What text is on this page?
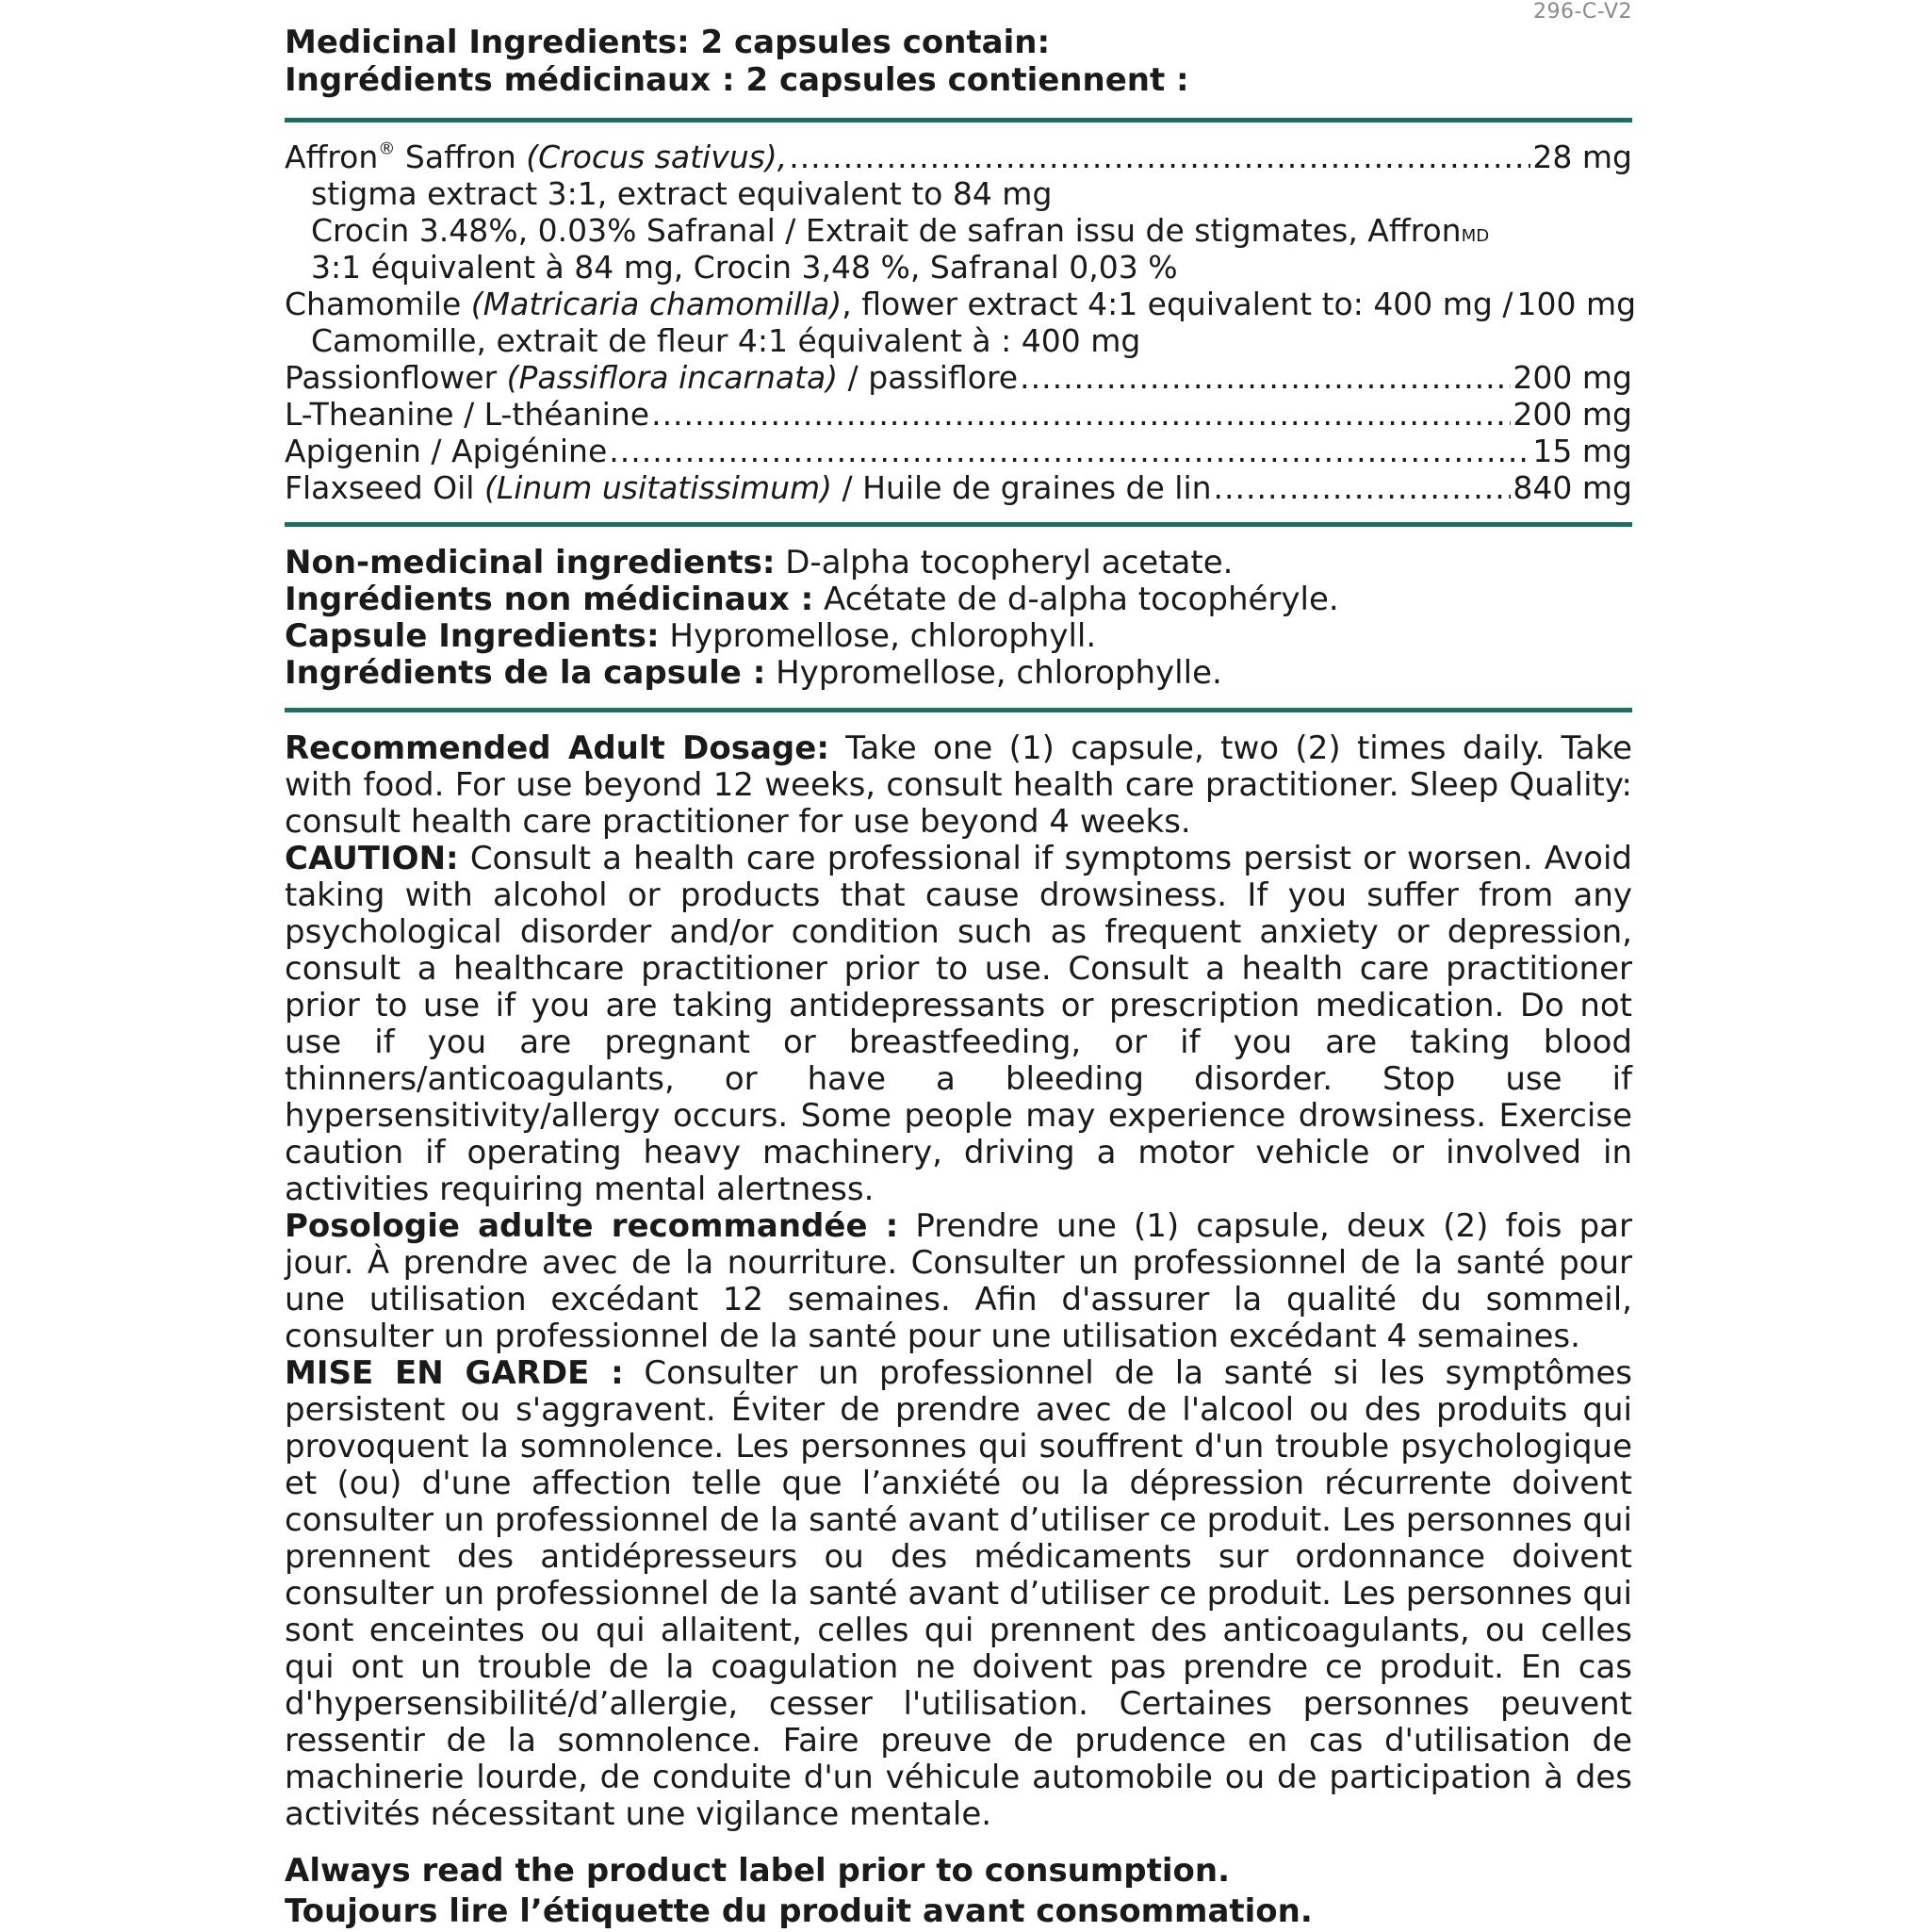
296-C-V2
Medicinal Ingredients: 2 capsules contain:
Ingrédients médicinaux : 2 capsules contiennent :
Affron® Saffron (Crocus sativus), .....	28 mg
stigma extract 3:1, extract equivalent to 84 mg
Crocin 3.48%, 0.03% Safranal / Extrait de safran issu de stigmates, Affron MD
3:1 équivalent à 84 mg, Crocin 3,48 %, Safranal 0,03 %
Chamomile (Matricaria chamomilla), flower extract 4:1 equivalent to: 400 mg / 100 mg
Camomille, extrait de fleur 4:1 équivalent à : 400 mg
Passionflower (Passiflora incarnata) / passiflore .....	200 mg
L-Theanine / L-théanine .....	200 mg
Apigenin / Apigénine .....	15 mg
Flaxseed Oil (Linum usitatissimum) / Huile de graines de lin .....	840 mg
Non-medicinal ingredients: D-alpha tocopheryl acetate.
Ingrédients non médicinaux : Acétate de d-alpha tocophéryle.
Capsule Ingredients: Hypromellose, chlorophyll.
Ingrédients de la capsule : Hypromellose, chlorophylle.

Recommended Adult Dosage: Take one (1) capsule, two (2) times daily. Take with food. For use beyond 12 weeks, consult health care practitioner. Sleep Quality: consult health care practitioner for use beyond 4 weeks.

CAUTION: Consult a health care professional if symptoms persist or worsen. Avoid taking with alcohol or products that cause drowsiness. If you suffer from any psychological disorder and/or condition such as frequent anxiety or depression, consult a healthcare practitioner prior to use. Consult a health care practitioner prior to use if you are taking antidepressants or prescription medication. Do not use if you are pregnant or breastfeeding, or if you are taking blood thinners/anticoagulants, or have a bleeding disorder. Stop use if hypersensitivity/allergy occurs. Some people may experience drowsiness. Exercise caution if operating heavy machinery, driving a motor vehicle or involved in activities requiring mental alertness.

Posologie adulte recommandée : Prendre une (1) capsule, deux (2) fois par jour. À prendre avec de la nourriture. Consulter un professionnel de la santé pour une utilisation excédant 12 semaines. Afin d'assurer la qualité du sommeil, consulter un professionnel de la santé pour une utilisation excédant 4 semaines.

MISE EN GARDE : Consulter un professionnel de la santé si les symptômes persistent ou s'aggravent. Éviter de prendre avec de l'alcool ou des produits qui provoquent la somnolence. Les personnes qui souffrent d'un trouble psychologique et (ou) d'une affection telle que l’anxiété ou la dépression récurrente doivent consulter un professionnel de la santé avant d’utiliser ce produit. Les personnes qui prennent des antidépresseurs ou des médicaments sur ordonnance doivent consulter un professionnel de la santé avant d’utiliser ce produit. Les personnes qui sont enceintes ou qui allaitent, celles qui prennent des anticoagulants, ou celles qui ont un trouble de la coagulation ne doivent pas prendre ce produit. En cas d'hypersensibilité/d’allergie, cesser l'utilisation. Certaines personnes peuvent ressentir de la somnolence. Faire preuve de prudence en cas d'utilisation de machinerie lourde, de conduite d'un véhicule automobile ou de participation à des activités nécessitant une vigilance mentale.

Always read the product label prior to consumption.
Toujours lire l’étiquette du produit avant consommation.
